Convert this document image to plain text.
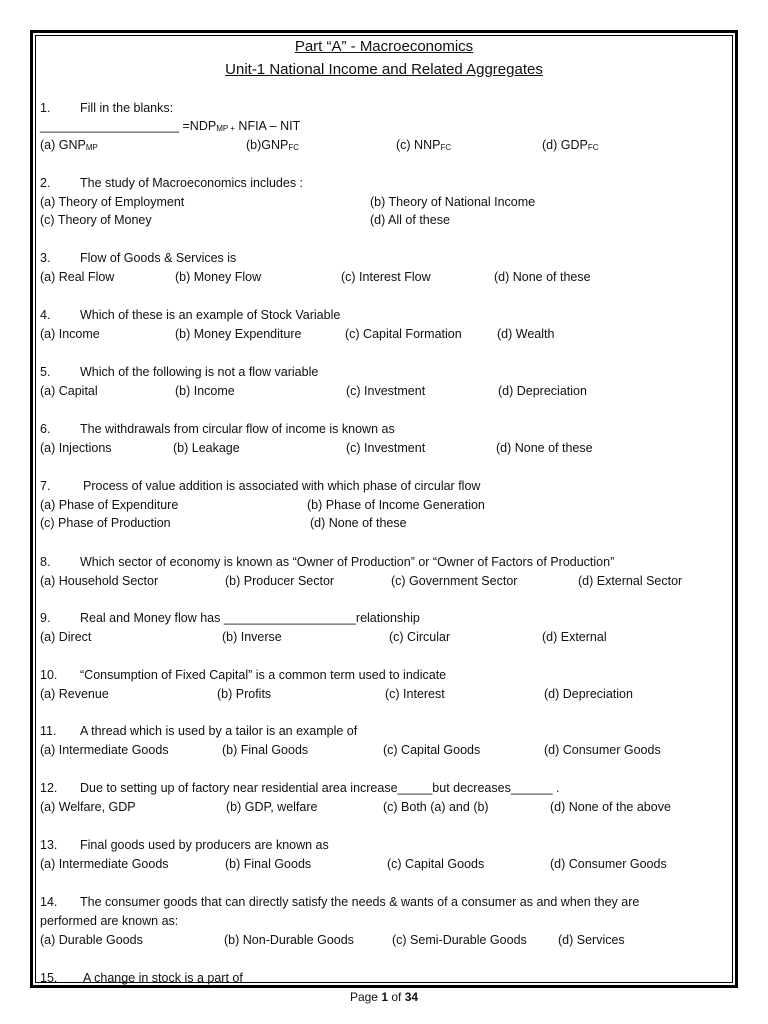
Part “A” - Macroeconomics
Unit-1 National Income and Related Aggregates
1. Fill in the blanks:
____________________ $=NDP_{MP +}$ NFIA – NIT
(a) $GNP_{MP}$	$(b)GNP_{FC}$	(c) $NNP_{FC}$	(d) $GDP_{FC}$
2. The study of Macroeconomics includes :
(a) Theory of Employment	(b) Theory of National Income
(c) Theory of Money	(d) All of these
3. Flow of Goods & Services is
(a) Real Flow	(b) Money Flow	(c) Interest Flow	(d) None of these
4. Which of these is an example of Stock Variable
(a) Income	(b) Money Expenditure	(c) Capital Formation	(d) Wealth
5. Which of the following is not a flow variable
(a) Capital	(b) Income	(c) Investment	(d) Depreciation
6. The withdrawals from circular flow of income is known as
(a) Injections	(b) Leakage	(c) Investment	(d) None of these
7.	Process of value addition is associated with which phase of circular flow
(a) Phase of Expenditure	(b) Phase of Income Generation
(c) Phase of Production	(d) None of these
8. Which sector of economy is known as “Owner of Production” or “Owner of Factors of Production”
(a) Household Sector	(b) Producer Sector	(c) Government Sector	(d) External Sector
9. Real and Money flow has ___________________relationship
(a) Direct	(b) Inverse	(c) Circular	(d) External
10. “Consumption of Fixed Capital” is a common term used to indicate
(a) Revenue	(b) Profits	(c) Interest	(d) Depreciation
11. A thread which is used by a tailor is an example of
(a) Intermediate Goods	(b) Final Goods	(c) Capital Goods	(d) Consumer Goods
12. Due to setting up of factory near residential area increase_____but decreases______ .
(a) Welfare, GDP	(b) GDP, welfare	(c) Both (a) and (b)	(d) None of the above
13. Final goods used by producers are known as
(a) Intermediate Goods	(b) Final Goods	(c) Capital Goods	(d) Consumer Goods
14. The consumer goods that can directly satisfy the needs & wants of a consumer as and when they are
performed are known as:
(a) Durable Goods	(b) Non-Durable Goods	(c) Semi-Durable Goods (d) Services
15. A change in stock is a part of
Page 1 of 34
